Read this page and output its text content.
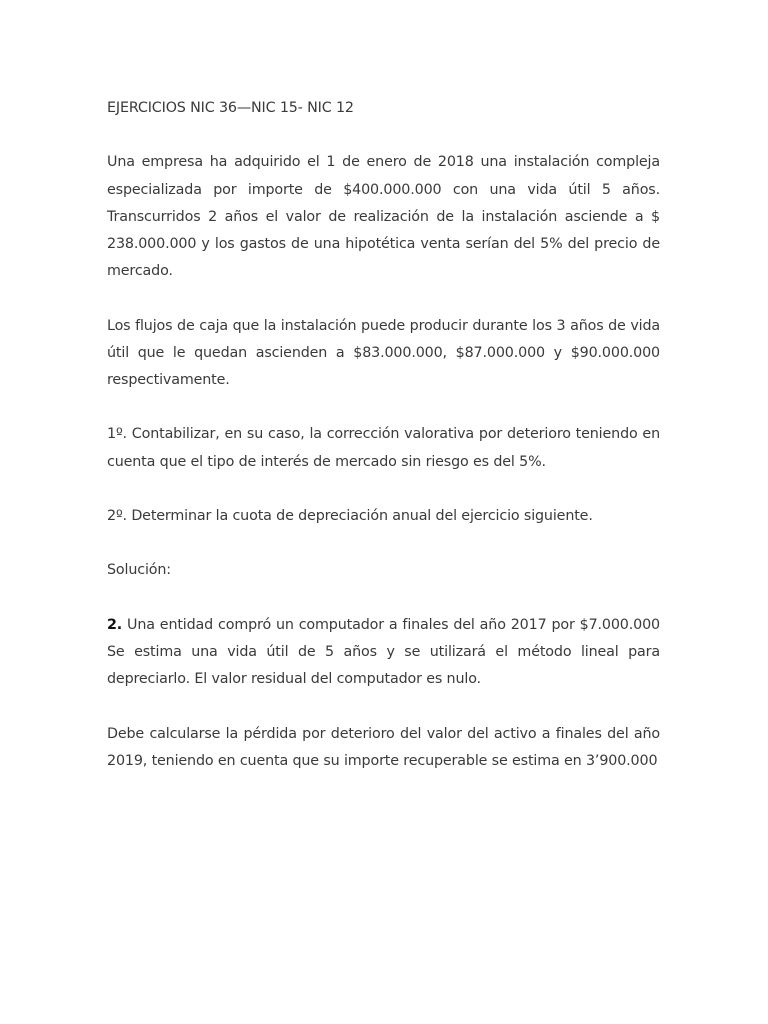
EJERCICIOS NIC 36—NIC 15- NIC 12

Una empresa ha adquirido el 1 de enero de 2018 una instalación compleja especializada por importe de $400.000.000 con una vida útil 5 años. Transcurridos 2 años el valor de realización de la instalación asciende a $ 238.000.000 y los gastos de una hipotética venta serían del 5% del precio de mercado.

Los flujos de caja que la instalación puede producir durante los 3 años de vida útil que le quedan ascienden a $83.000.000, $87.000.000 y $90.000.000 respectivamente.

1º. Contabilizar, en su caso, la corrección valorativa por deterioro teniendo en cuenta que el tipo de interés de mercado sin riesgo es del 5%.

2º. Determinar la cuota de depreciación anual del ejercicio siguiente.

Solución:

2. Una entidad compró un computador a finales del año 2017 por $7.000.000 Se estima una vida útil de 5 años y se utilizará el método lineal para depreciarlo. El valor residual del computador es nulo.

Debe calcularse la pérdida por deterioro del valor del activo a finales del año 2019, teniendo en cuenta que su importe recuperable se estima en 3’900.000
